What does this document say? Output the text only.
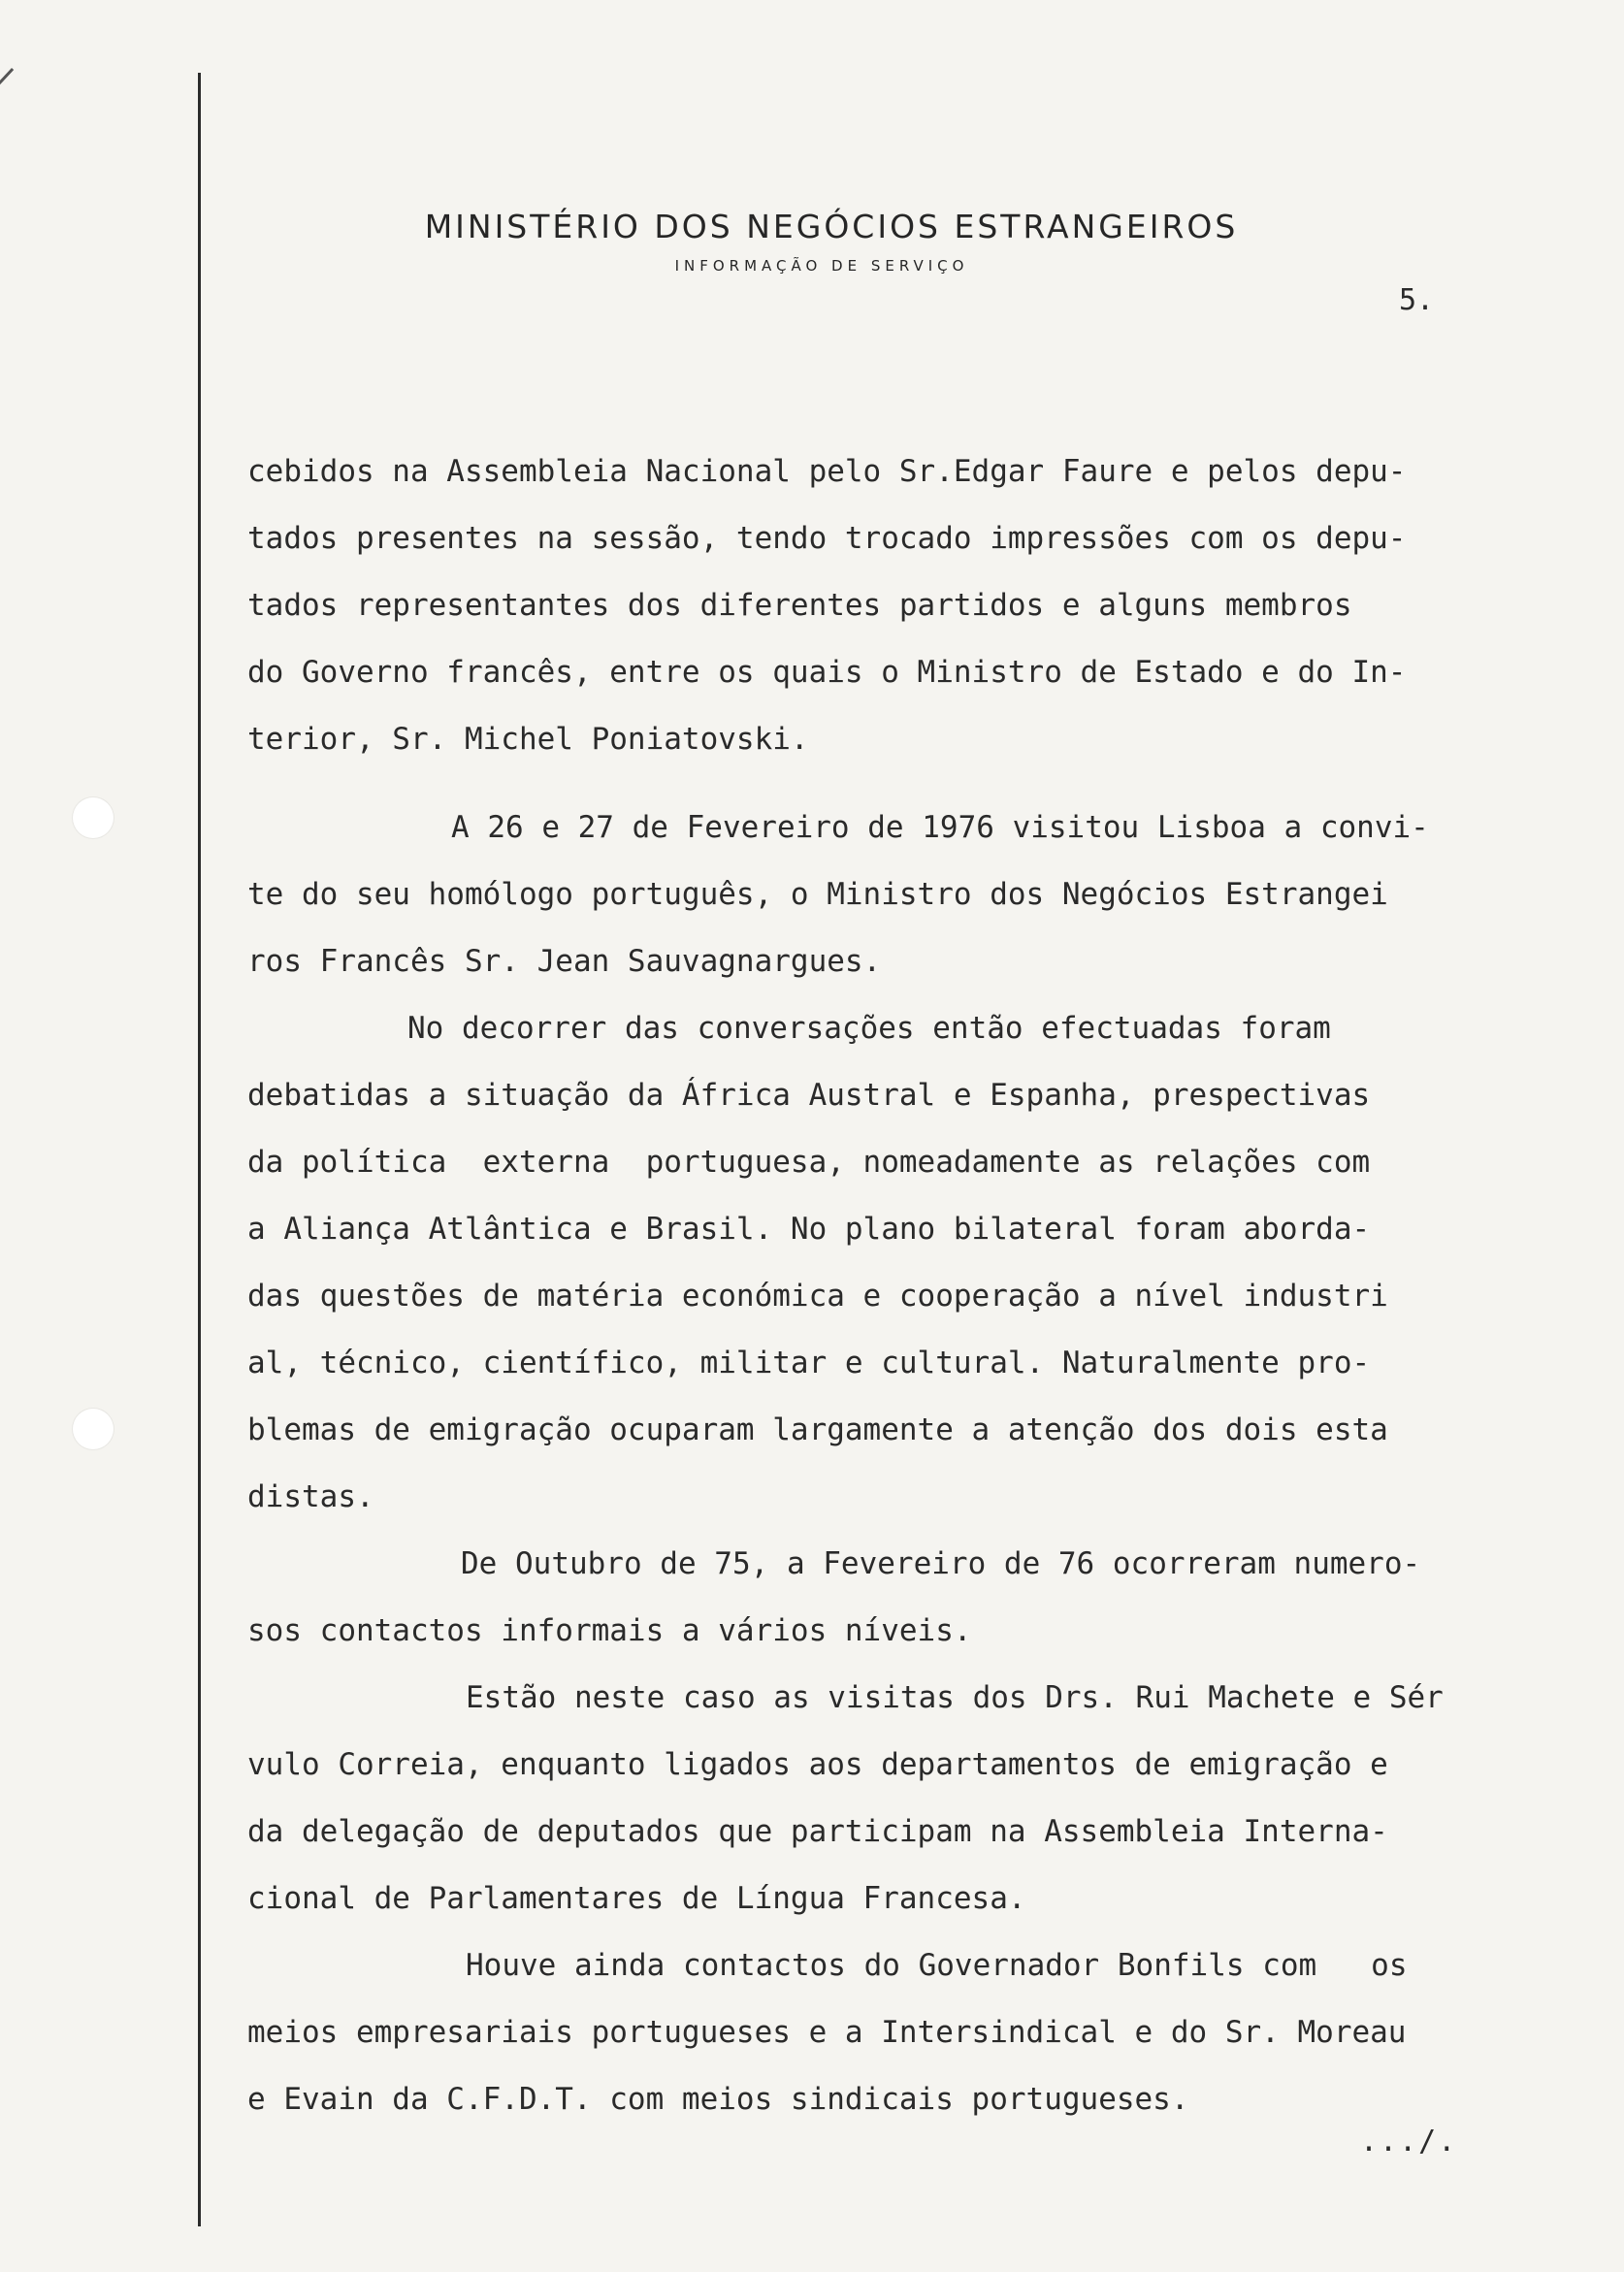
MINISTÉRIO DOS NEGÓCIOS ESTRANGEIROS
INFORMAÇÃO DE SERVIÇO
5.
cebidos na Assembleia Nacional pelo Sr.Edgar Faure e pelos depu-
tados presentes na sessão, tendo trocado impressões com os depu-
tados representantes dos diferentes partidos e alguns membros
do Governo francês, entre os quais o Ministro de Estado e do In-
terior, Sr. Michel Poniatovski.
A 26 e 27 de Fevereiro de 1976 visitou Lisboa a convi-
te do seu homólogo português, o Ministro dos Negócios Estrangei
ros Francês Sr. Jean Sauvagnargues.
No decorrer das conversações então efectuadas foram
debatidas a situação da África Austral e Espanha, prespectivas
da política  externa  portuguesa, nomeadamente as relações com
a Aliança Atlântica e Brasil. No plano bilateral foram aborda-
das questões de matéria económica e cooperação a nível industri
al, técnico, científico, militar e cultural. Naturalmente pro-
blemas de emigração ocuparam largamente a atenção dos dois esta
distas.
De Outubro de 75, a Fevereiro de 76 ocorreram numero-
sos contactos informais a vários níveis.
Estão neste caso as visitas dos Drs. Rui Machete e Sér
vulo Correia, enquanto ligados aos departamentos de emigração e
da delegação de deputados que participam na Assembleia Interna-
cional de Parlamentares de Língua Francesa.
Houve ainda contactos do Governador Bonfils com   os
meios empresariais portugueses e a Intersindical e do Sr. Moreau
e Evain da C.F.D.T. com meios sindicais portugueses.
.../.
